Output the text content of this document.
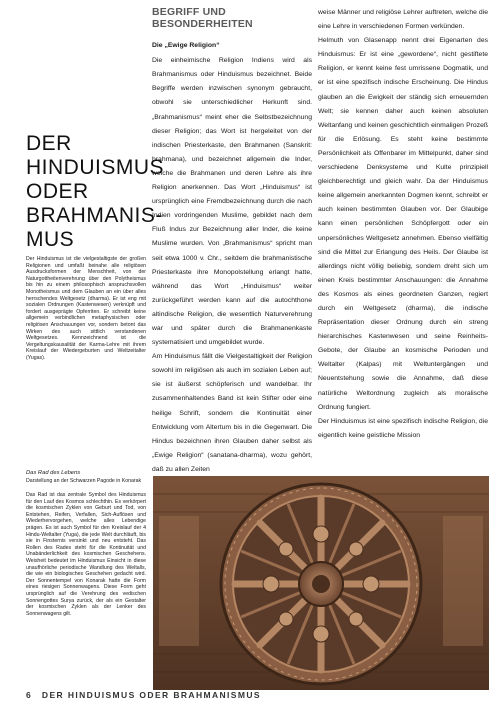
BEGRIFF UND BESONDERHEITEN
DER
HINDUISMUS
ODER
BRAHMANIS-
MUS

Der Hinduismus ist die vielgestaltigste der großen Religionen und umfaßt beinahe alle religiösen Ausdrucksformen der Menschheit, von der Naturgottheitenverehrung über den Polytheismus bis hin zu einem philosophisch anspruchsvollen Monotheismus und dem Glauben an ein über alles herrschendes Weltgesetz (dharma). Er ist eng mit sozialen Ordnungen (Kastenwesen) verknüpft und fordert ausgeprägte Opferriten. Er schreibt keine allgemein verbindlichen metaphysischen oder religiösen Anschauungen vor, sondern betont das Wirken des auch sittlich verstandenen Weltgesetzes. Kennzeichnend ist die Vergeltungskausalität der Karma-Lehre mit ihrem Kreislauf der Wiedergeburten und Weltzeitalter (Yugas).

Das Rad des Lebens
Darstellung an der Schwarzen Pagode in Konarak

Das Rad ist das zentrale Symbol des Hinduismus für den Lauf des Kosmos schlechthin. Es verkörpert die kosmischen Zyklen von Geburt und Tod, von Entstehen, Reifen, Verfallen, Sich-Auflösen und Wiederhervorgehen, welche alles Lebendige prägen. Es ist auch Symbol für den Kreislauf der 4 Hindu-Weltalter (Yuga), die jede Welt durchläuft, bis sie in Finsternis versinkt und neu entsteht. Das Rollen des Rades steht für die Kontinuität und Unabänderlichkeit des kosmischen Geschehens. Weisheit bedeutet im Hinduismus Einsicht in diese unaufhörliche periodische Wandlung des Weltalls, die wie ein biologisches Geschehen gedacht wird. Der Sonnentempel von Konarak hatte die Form eines riesigen Sonnenwagens. Diese Form geht ursprünglich auf die Verehrung des vedischen Sonnengottes Surya zurück, der als ein Gestalter der kosmischen Zyklen als der Lenker des Sonnenwagens gilt.

Die „Ewige Religion“

Die einheimische Religion Indiens wird als Brahmanismus oder Hinduismus bezeichnet. Beide Begriffe werden inzwischen synonym gebraucht, obwohl sie unterschiedlicher Herkunft sind. „Brahmanismus“ meint eher die Selbstbezeichnung dieser Religion; das Wort ist hergeleitet von der indischen Priesterkaste, den Brahmanen (Sanskrit: brahmana), und bezeichnet allgemein die Inder, welche die Brahmanen und deren Lehre als ihre Religion anerkennen. Das Wort „Hinduismus“ ist ursprünglich eine Fremdbezeichnung durch die nach Indien vordringenden Muslime, gebildet nach dem Fluß Indus zur Bezeichnung aller Inder, die keine Muslime wurden. Von „Brahmanismus“ spricht man seit etwa 1000 v. Chr., seitdem die brahmanistische Priesterkaste ihre Monopolstellung erlangt hatte, während das Wort „Hinduismus“ weiter zurückgeführt werden kann auf die autochthone altindische Religion, die wesentlich Naturverehrung war und später durch die Brahmanenkaste systematisiert und umgebildet wurde.

Am Hinduismus fällt die Vielgestaltigkeit der Religion sowohl im religiösen als auch im sozialen Leben auf; sie ist äußerst schöpferisch und wandelbar. Ihr zusammenhaltendes Band ist kein Stifter oder eine heilige Schrift, sondern die Kontinuität einer Entwicklung vom Altertum bis in die Gegenwart. Die Hindus bezeichnen ihren Glauben daher selbst als „Ewige Religion“ (sanatana-dharma), wozu gehört, daß zu allen Zeiten

weise Männer und religiöse Lehrer auftreten, welche die eine Lehre in verschiedenen Formen verkünden.

Helmuth von Glasenapp nennt drei Eigenarten des Hinduismus: Er ist eine „gewordene“, nicht gestiftete Religion, er kennt keine fest umrissene Dogmatik, und er ist eine spezifisch indische Erscheinung. Die Hindus glauben an die Ewigkeit der ständig sich erneuernden Welt; sie kennen daher auch keinen absoluten Weltanfang und keinen geschichtlich einmaligen Prozeß für die Erlösung. Es steht keine bestimmte Persönlichkeit als Offenbarer im Mittelpunkt, daher sind verschiedene Denksysteme und Kulte prinzipiell gleichberechtigt und gleich wahr. Da der Hinduismus keine allgemein anerkannten Dogmen kennt, schreibt er auch keinen bestimmten Glauben vor. Der Glaubige kann einen persönlichen Schöpfergott oder ein unpersönliches Weltgesetz annehmen. Ebenso vielfältig sind die Mittel zur Erlangung des Heils. Der Glaube ist allerdings nicht völlig beliebig, sondern dreht sich um einen Kreis bestimmter Anschauungen: die Annahme des Kosmos als eines geordneten Ganzen, regiert durch ein Weltgesetz (dharma), die indische Repräsentation dieser Ordnung durch ein streng hierarchisches Kastenwesen und seine Reinheits-Gebote, der Glaube an kosmische Perioden und Weltalter (Kalpas) mit Weltuntergängen und Neuentstehung sowie die Annahme, daß diese natürliche Weltordnung zugleich als moralische Ordnung fungiert.

Der Hinduismus ist eine spezifisch indische Religion, die eigentlich keine geistliche Mission

6 DER HINDUISMUS ODER BRAHMANISMUS
